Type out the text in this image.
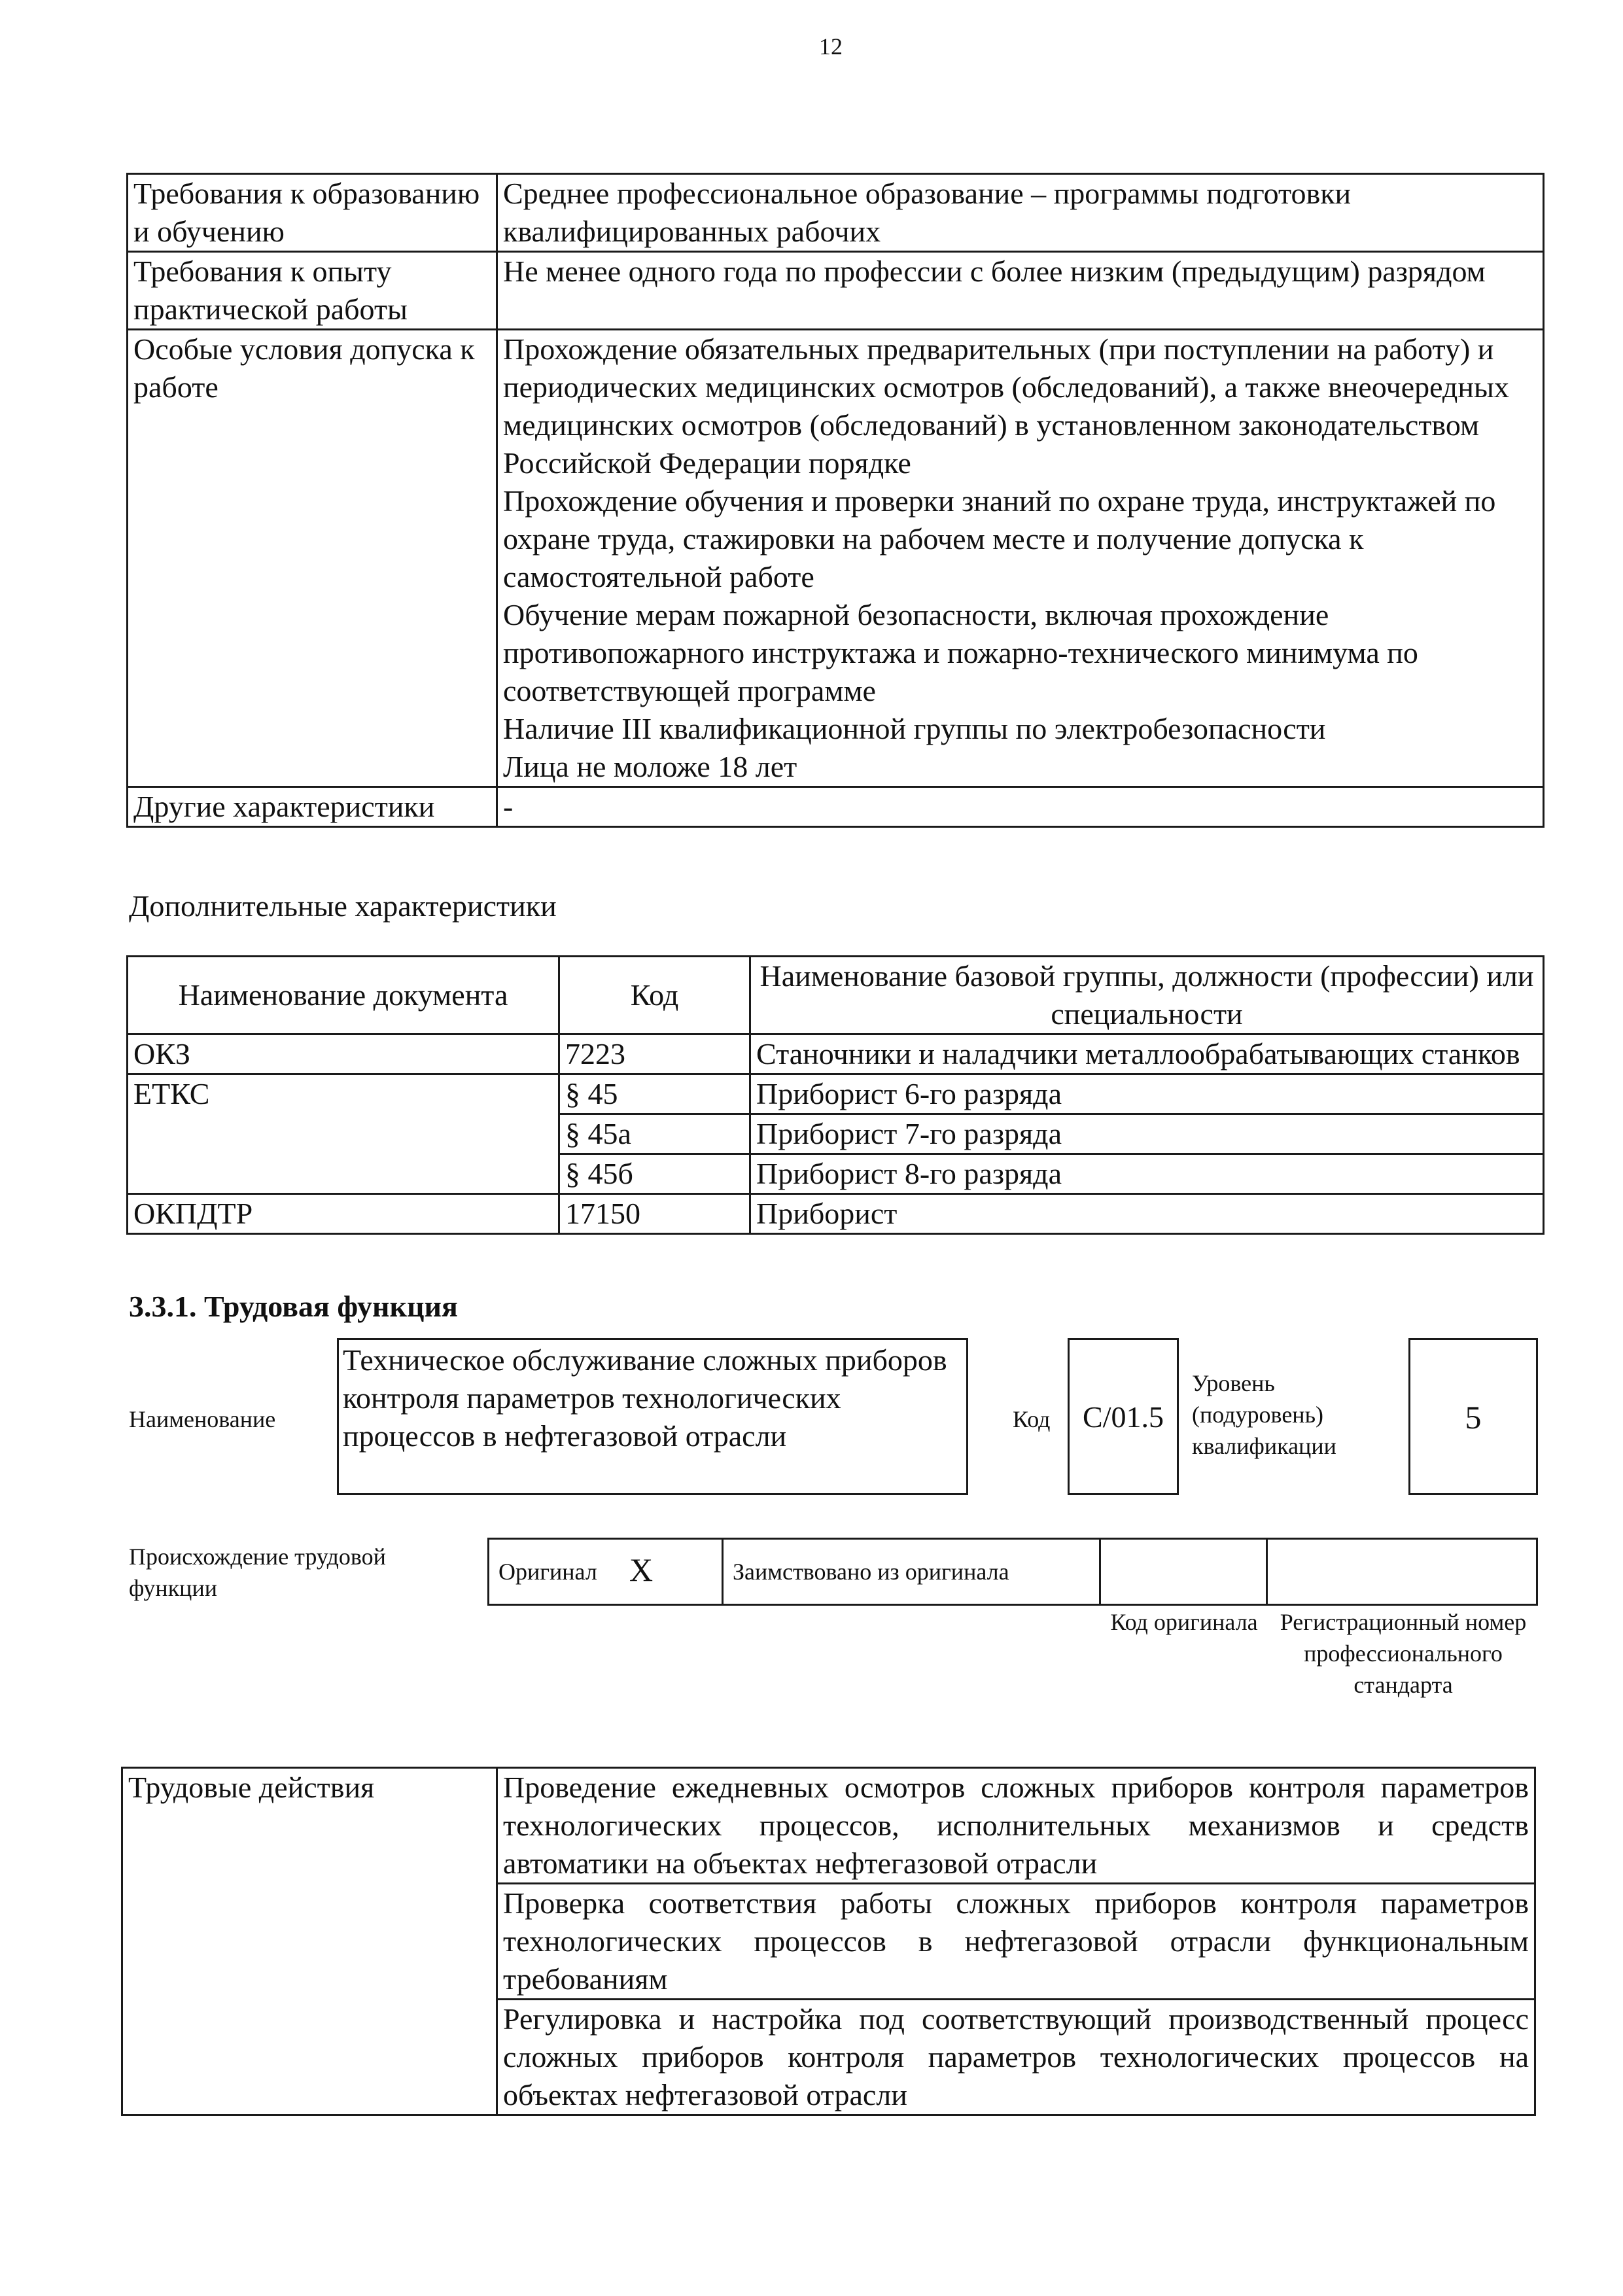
12
Требования к образованию и обучению	Среднее профессиональное образование – программы подготовки квалифицированных рабочих
Требования к опыту практической работы	Не менее одного года по профессии с более низким (предыдущим) разрядом
Особые условия допуска к работе	Прохождение обязательных предварительных (при поступлении на работу) и периодических медицинских осмотров (обследований), а также внеочередных медицинских осмотров (обследований) в установленном законодательством Российской Федерации порядке
Прохождение обучения и проверки знаний по охране труда, инструктажей по охране труда, стажировки на рабочем месте и получение допуска к самостоятельной работе
Обучение мерам пожарной безопасности, включая прохождение противопожарного инструктажа и пожарно-технического минимума по соответствующей программе
Наличие III квалификационной группы по электробезопасности
Лица не моложе 18 лет

Другие характеристики	-
Дополнительные характеристики
Наименование документа	Код	Наименование базовой группы, должности (профессии) или специальности
ОКЗ	7223	Станочники и наладчики металлообрабатывающих станков
ЕТКС	§ 45	Приборист 6-го разряда
	§ 45а	Приборист 7-го разряда
	§ 45б	Приборист 8-го разряда
ОКПДТР	17150	Приборист
3.3.1. Трудовая функция
Наименование
Техническое обслуживание сложных приборов контроля параметров технологических процессов в нефтегазовой отрасли	Код	C/01.5
Уровень (подуровень) квалификации
5
Происхождение трудовой функции
Оригинал X	Заимствовано из оригинала
Код оригинала Регистрационный номер профессионального стандарта
Трудовые действия	Проведение ежедневных осмотров сложных приборов контроля параметров технологических процессов, исполнительных механизмов и средств автоматики на объектах нефтегазовой отрасли
Проверка соответствия работы сложных приборов контроля параметров технологических процессов в нефтегазовой отрасли функциональным требованиям
Регулировка и настройка под соответствующий производственный процесс сложных приборов контроля параметров технологических процессов на объектах нефтегазовой отрасли
